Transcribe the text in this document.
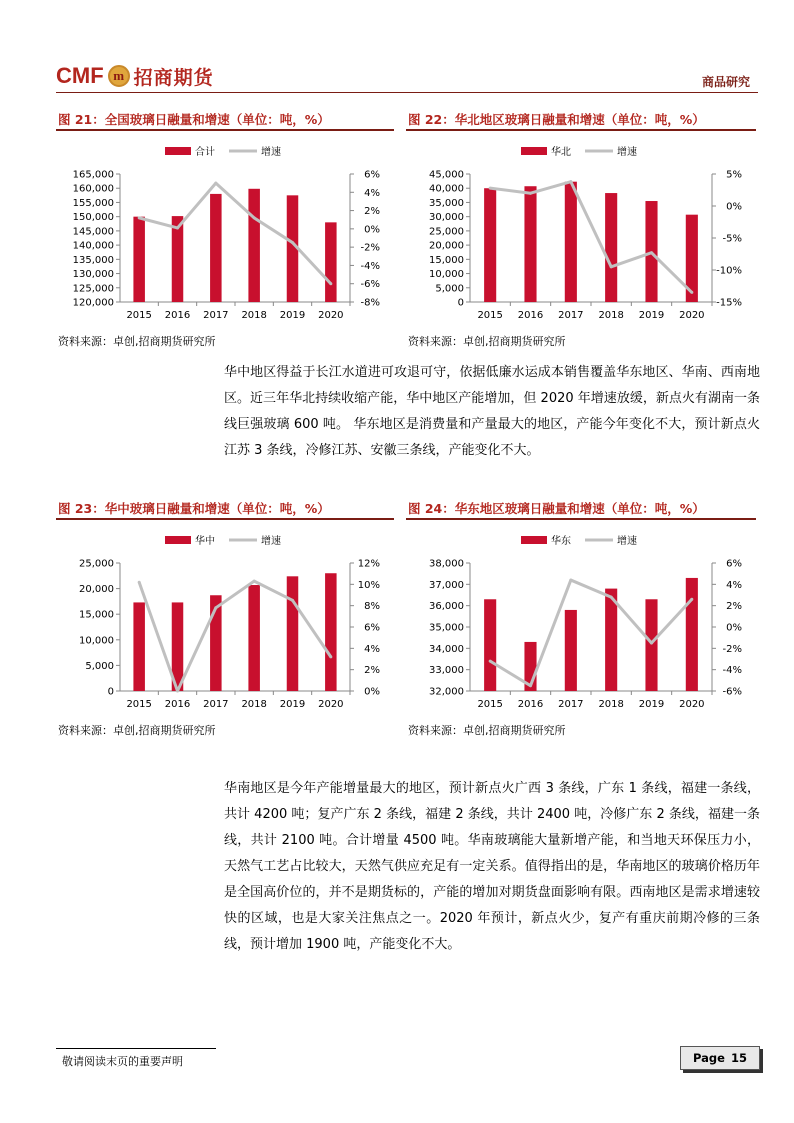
CMF m 招商期货	商品研究
图 21：全国玻璃日融量和增速（单位：吨，%）
合计	增速
120,000
125,000
130,000
135,000
140,000
145,000
150,000
155,000
160,000
165,000
-8%
-6%
-4%
-2%
0%
2%
4%
6%
2015 2016 2017 2018 2019 2020
资料来源：卓创,招商期货研究所
图 22：华北地区玻璃日融量和增速（单位：吨，%）
华北	增速
0
5,000
10,000
15,000
20,000
25,000
30,000
35,000
40,000
45,000
-15%
-10%
-5%
0%
5%
2015 2016 2017 2018 2019 2020
资料来源：卓创,招商期货研究所

华中地区得益于长江水道进可攻退可守，依据低廉水运成本销售覆盖华东地区、华南、西南地区。近三年华北持续收缩产能，华中地区产能增加，但 2020 年增速放缓，新点火有湖南一条线巨强玻璃 600 吨。 华东地区是消费量和产量最大的地区，产能今年变化不大，预计新点火江苏 3 条线，冷修江苏、安徽三条线，产能变化不大。

图 23：华中玻璃日融量和增速（单位：吨，%）
华中	增速
0
5,000
10,000
15,000
20,000
25,000
0%
2%
4%
6%
8%
10%
12%
2015 2016 2017 2018 2019 2020
资料来源：卓创,招商期货研究所
图 24：华东地区玻璃日融量和增速（单位：吨，%）
华东	增速
32,000
33,000
34,000
35,000
36,000
37,000
38,000
-6%
-4%
-2%
0%
2%
4%
6%
2015 2016 2017 2018 2019 2020
资料来源：卓创,招商期货研究所

华南地区是今年产能增量最大的地区，预计新点火广西 3 条线，广东 1 条线，福建一条线，共计 4200 吨；复产广东 2 条线，福建 2 条线，共计 2400 吨，冷修广东 2 条线，福建一条线，共计 2100 吨。合计增量 4500 吨。华南玻璃能大量新增产能，和当地天环保压力小，天然气工艺占比较大，天然气供应充足有一定关系。值得指出的是，华南地区的玻璃价格历年是全国高价位的，并不是期货标的，产能的增加对期货盘面影响有限。西南地区是需求增速较快的区域，也是大家关注焦点之一。2020 年预计，新点火少，复产有重庆前期冷修的三条线，预计增加 1900 吨，产能变化不大。

敬请阅读末页的重要声明	Page 15
